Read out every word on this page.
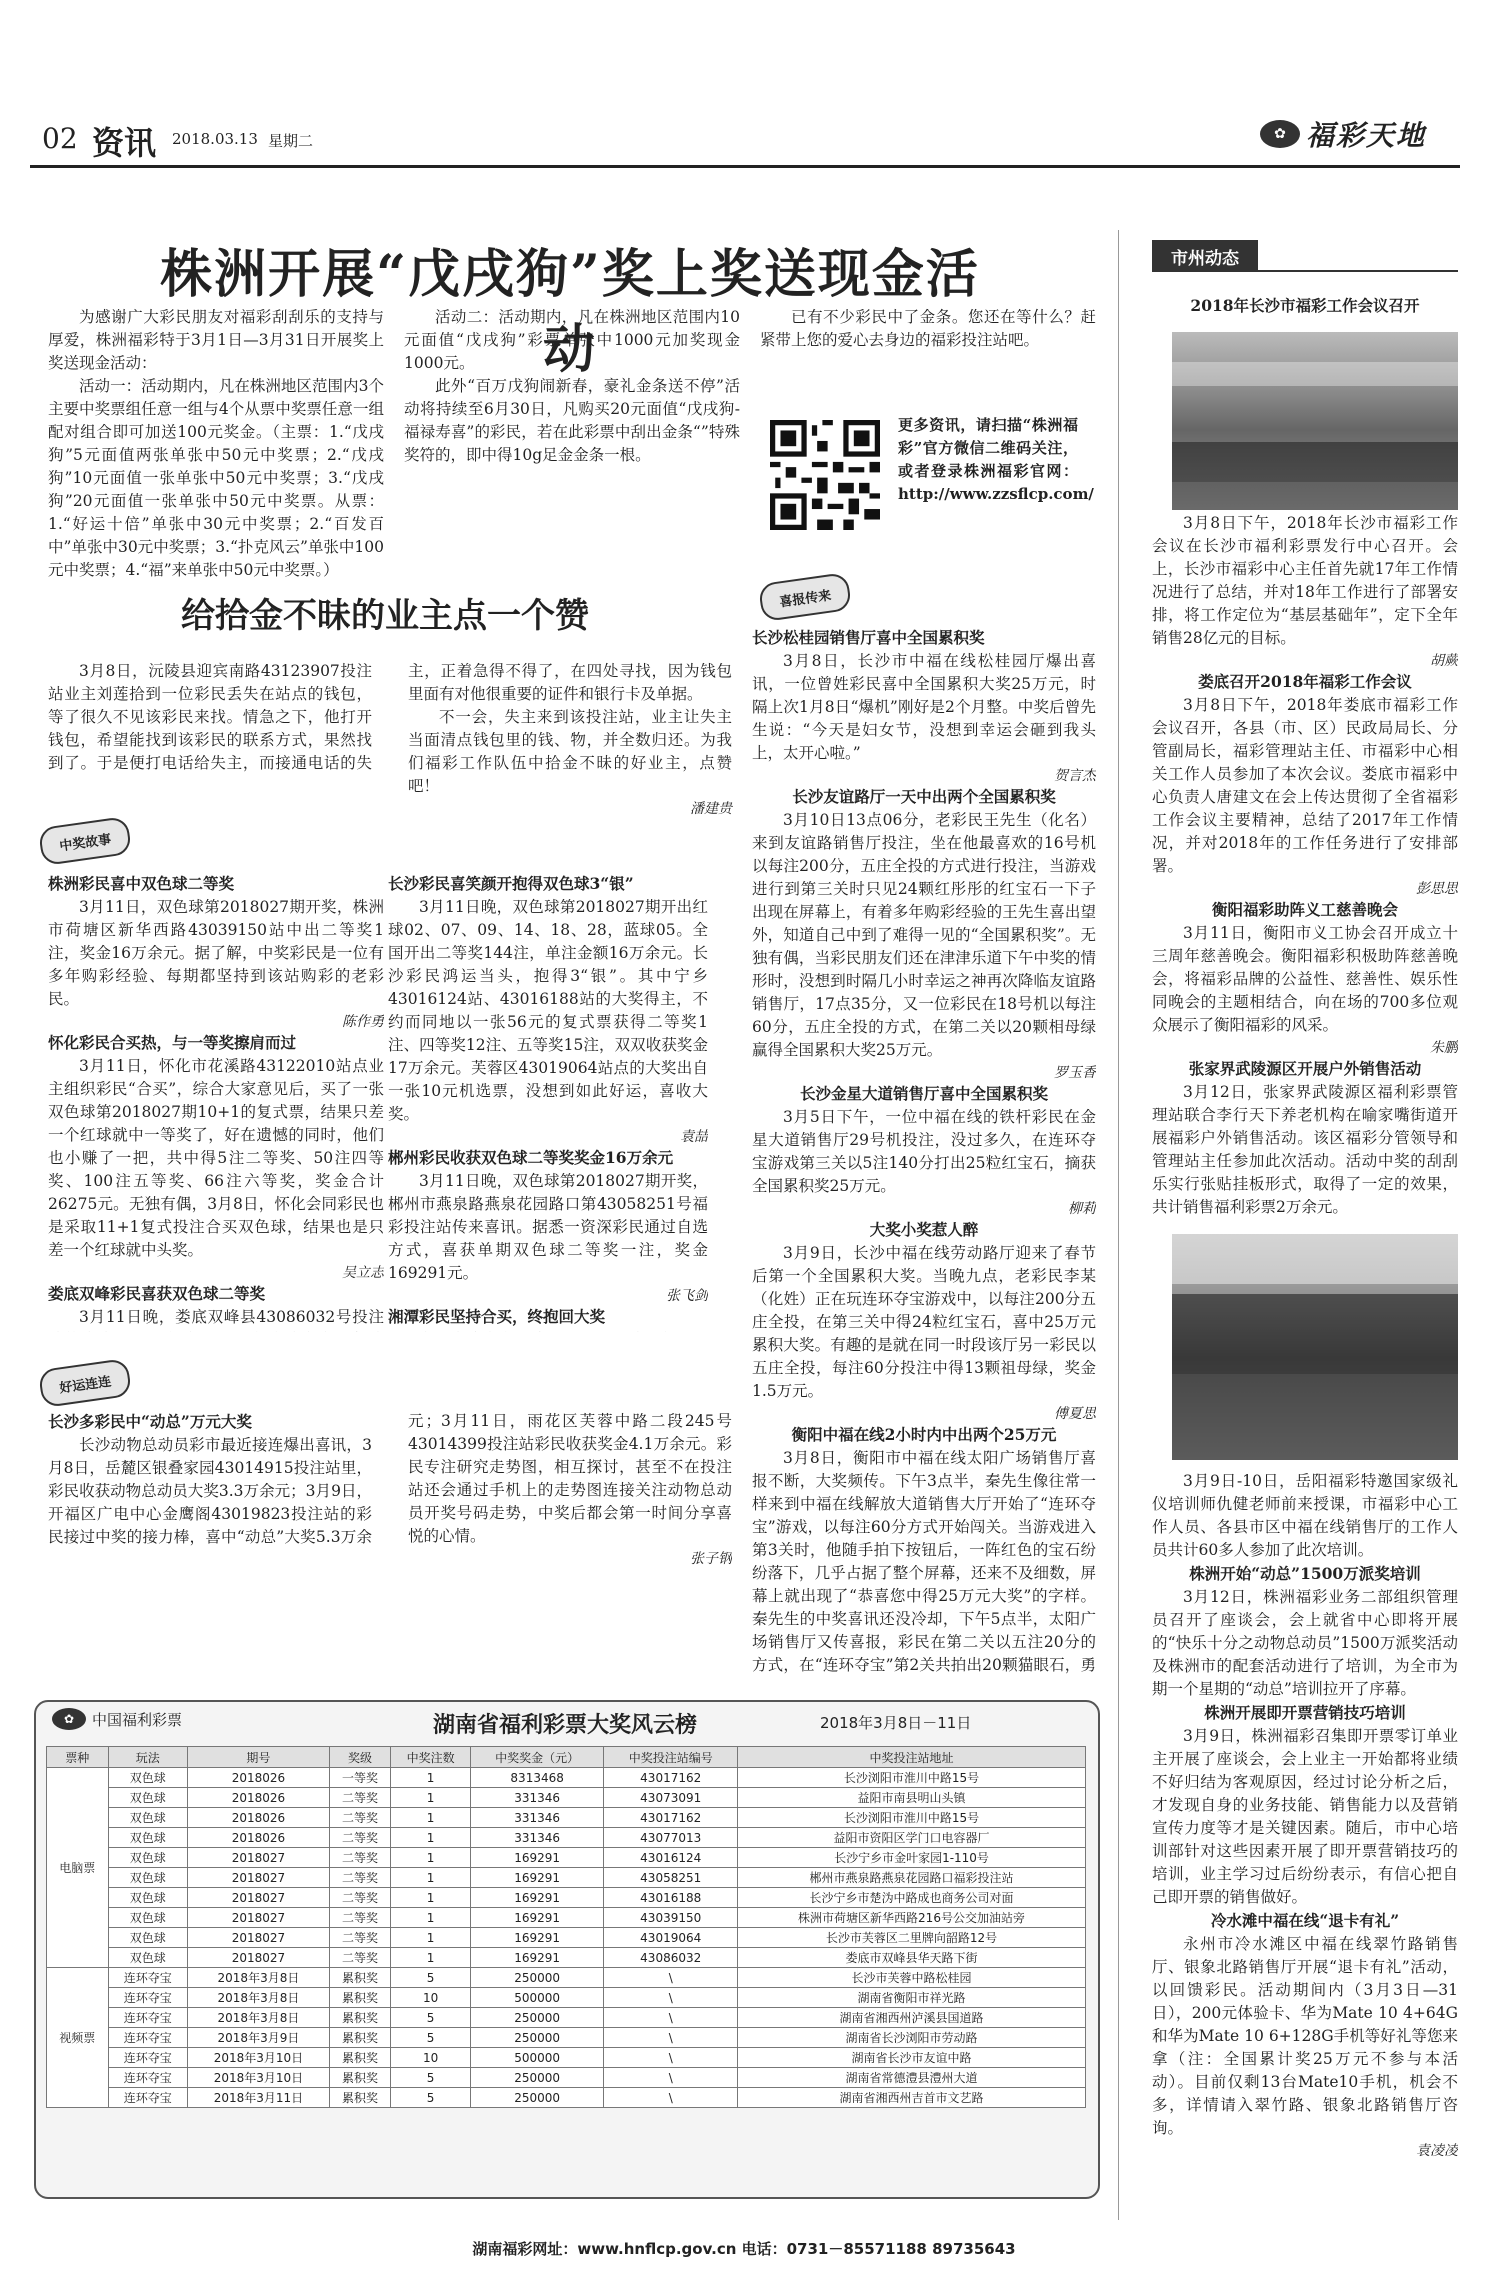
02 资讯 2018.03.13 星期二	✿ 福彩天地
株洲开展“戊戌狗”奖上奖送现金活动
为感谢广大彩民朋友对福彩刮刮乐的支持与厚爱，株洲福彩特于3月1日—3月31日开展奖上奖送现金活动：
活动一：活动期内，凡在株洲地区范围内3个主要中奖票组任意一组与4个从票中奖票任意一组配对组合即可加送100元奖金。（主票：1.“戊戌狗”5元面值两张单张中50元中奖票；2.“戊戌狗”10元面值一张单张中50元中奖票；3.“戊戌狗”20元面值一张单张中50元中奖票。从票：1.“好运十倍”单张中30元中奖票；2.“百发百中”单张中30元中奖票；3.“扑克风云”单张中100元中奖票；4.“福”来单张中50元中奖票。）
活动二：活动期内，凡在株洲地区范围内10元面值“戊戌狗”彩票单张中1000元加奖现金1000元。
此外“百万戊狗闹新春，豪礼金条送不停”活动将持续至6月30日，凡购买20元面值“戊戌狗-福禄寿喜”的彩民，若在此彩票中刮出金条“”特殊奖符的，即中得10g足金金条一根。
已有不少彩民中了金条。您还在等什么？赶紧带上您的爱心去身边的福彩投注站吧。
更多资讯，请扫描“株洲福彩”官方微信二维码关注，或者登录株洲福彩官网：http://www.zzsflcp.com/
给拾金不昧的业主点一个赞
3月8日，沅陵县迎宾南路43123907投注站业主刘莲拾到一位彩民丢失在站点的钱包，等了很久不见该彩民来找。情急之下，他打开钱包，希望能找到该彩民的联系方式，果然找到了。于是便打电话给失主，而接通电话的失主，正着急得不得了，在四处寻找，因为钱包里面有对他很重要的证件和银行卡及单据。
不一会，失主来到该投注站，业主让失主当面清点钱包里的钱、物，并全数归还。为我们福彩工作队伍中拾金不昧的好业主，点赞吧！
潘建贵
喜报传来
中奖故事
好运连连
株洲彩民喜中双色球二等奖
3月11日，双色球第2018027期开奖，株洲市荷塘区新华西路43039150站中出二等奖1注，奖金16万余元。据了解，中奖彩民是一位有多年购彩经验、每期都坚持到该站购彩的老彩民。
陈作勇
怀化彩民合买热，与一等奖擦肩而过
3月11日，怀化市花溪路43122010站点业主组织彩民“合买”，综合大家意见后，买了一张双色球第2018027期10+1的复式票，结果只差一个红球就中一等奖了，好在遗憾的同时，他们也小赚了一把，共中得5注二等奖、50注四等奖、100注五等奖、66注六等奖，奖金合计26275元。无独有偶，3月8日，怀化会同彩民也是采取11+1复式投注合买双色球，结果也是只差一个红球就中头奖。
吴立志
娄底双峰彩民喜获双色球二等奖
3月11日晚，娄底双峰县43086032号投注
长沙彩民喜笑颜开抱得双色球3“银”
3月11日晚，双色球第2018027期开出红球02、07、09、14、18、28，蓝球05。全国开出二等奖144注，单注金额16万余元。长沙彩民鸿运当头，抱得3“银”。其中宁乡43016124站、43016188站的大奖得主，不约而同地以一张56元的复式票获得二等奖1注、四等奖12注、五等奖15注，双双收获奖金17万余元。芙蓉区43019064站点的大奖出自一张10元机选票，没想到如此好运，喜收大奖。
袁喆
郴州彩民收获双色球二等奖奖金16万余元
3月11日晚，双色球第2018027期开奖，郴州市燕泉路燕泉花园路口第43058251号福彩投注站传来喜讯。据悉一资深彩民通过自选方式，喜获单期双色球二等奖一注，奖金169291元。
张飞剑
湘潭彩民坚持合买，终抱回大奖
长沙多彩民中“动总”万元大奖
长沙动物总动员彩市最近接连爆出喜讯，3月8日，岳麓区银叠家园43014915投注站里，彩民收获动物总动员大奖3.3万余元；3月9日，开福区广电中心金鹰阁43019823投注站的彩民接过中奖的接力棒，喜中“动总”大奖5.3万余元；3月11日，雨花区芙蓉中路二段245号43014399投注站彩民收获奖金4.1万余元。彩民专注研究走势图，相互探讨，甚至不在投注站还会通过手机上的走势图连接关注动物总动员开奖号码走势，中奖后都会第一时间分享喜悦的心情。
张子钢
长沙松桂园销售厅喜中全国累积奖
3月8日，长沙市中福在线松桂园厅爆出喜讯，一位曾姓彩民喜中全国累积大奖25万元，时隔上次1月8日“爆机”刚好是2个月整。中奖后曾先生说：“今天是妇女节，没想到幸运会砸到我头上，太开心啦。”
贺言杰
长沙友谊路厅一天中出两个全国累积奖
3月10日13点06分，老彩民王先生（化名）来到友谊路销售厅投注，坐在他最喜欢的16号机以每注200分，五庄全投的方式进行投注，当游戏进行到第三关时只见24颗红彤彤的红宝石一下子出现在屏幕上，有着多年购彩经验的王先生喜出望外，知道自己中到了难得一见的“全国累积奖”。无独有偶，当彩民朋友们还在津津乐道下午中奖的情形时，没想到时隔几小时幸运之神再次降临友谊路销售厅，17点35分，又一位彩民在18号机以每注60分，五庄全投的方式，在第二关以20颗相母绿赢得全国累积大奖25万元。
罗玉香
长沙金星大道销售厅喜中全国累积奖
3月5日下午，一位中福在线的铁杆彩民在金星大道销售厅29号机投注，没过多久，在连环夺宝游戏第三关以5注140分打出25粒红宝石，摘获全国累积奖25万元。
柳莉
大奖小奖惹人醉
3月9日，长沙中福在线劳动路厅迎来了春节后第一个全国累积大奖。当晚九点，老彩民李某（化姓）正在玩连环夺宝游戏中，以每注200分五庄全投，在第三关中得24粒红宝石，喜中25万元累积大奖。有趣的是就在同一时段该厅另一彩民以五庄全投，每注60分投注中得13颗祖母绿，奖金1.5万元。
傅夏思
衡阳中福在线2小时内中出两个25万元
3月8日，衡阳市中福在线太阳广场销售厅喜报不断，大奖频传。下午3点半，秦先生像往常一样来到中福在线解放大道销售大厅开始了“连环夺宝”游戏，以每注60分方式开始闯关。当游戏进入第3关时，他随手拍下按钮后，一阵红色的宝石纷纷落下，几乎占据了整个屏幕，还来不及细数，屏幕上就出现了“恭喜您中得25万元大奖”的字样。秦先生的中奖喜讯还没冷却，下午5点半，太阳广场销售厅又传喜报，彩民在第二关以五注20分的方式，在“连环夺宝”第2关共拍出20颗猫眼石，勇
市州动态
2018年长沙市福彩工作会议召开
3月8日下午，2018年长沙市福彩工作会议在长沙市福利彩票发行中心召开。会上，长沙市福彩中心主任首先就17年工作情况进行了总结，并对18年工作进行了部署安排，将工作定位为“基层基础年”，定下全年销售28亿元的目标。
胡蕨
娄底召开2018年福彩工作会议
3月8日下午，2018年娄底市福彩工作会议召开，各县（市、区）民政局局长、分管副局长，福彩管理站主任、市福彩中心相关工作人员参加了本次会议。娄底市福彩中心负责人唐建文在会上传达贯彻了全省福彩工作会议主要精神，总结了2017年工作情况，并对2018年的工作任务进行了安排部署。
彭思思
衡阳福彩助阵义工慈善晚会
3月11日，衡阳市义工协会召开成立十三周年慈善晚会。衡阳福彩积极助阵慈善晚会，将福彩品牌的公益性、慈善性、娱乐性同晚会的主题相结合，向在场的700多位观众展示了衡阳福彩的风采。
朱鹏
张家界武陵源区开展户外销售活动
3月12日，张家界武陵源区福利彩票管理站联合李行天下养老机构在喻家嘴街道开展福彩户外销售活动。该区福彩分管领导和管理站主任参加此次活动。活动中奖的刮刮乐实行张贴挂板形式，取得了一定的效果，共计销售福利彩票2万余元。
3月9日-10日，岳阳福彩特邀国家级礼仪培训师仇健老师前来授课，市福彩中心工作人员、各县市区中福在线销售厅的工作人员共计60多人参加了此次培训。
株洲开始“动总”1500万派奖培训
3月12日，株洲福彩业务二部组织管理员召开了座谈会，会上就省中心即将开展的“快乐十分之动物总动员”1500万派奖活动及株洲市的配套活动进行了培训，为全市为期一个星期的“动总”培训拉开了序幕。
株洲开展即开票营销技巧培训
3月9日，株洲福彩召集即开票零订单业主开展了座谈会，会上业主一开始都将业绩不好归结为客观原因，经过讨论分析之后，才发现自身的业务技能、销售能力以及营销宣传力度等才是关键因素。随后，市中心培训部针对这些因素开展了即开票营销技巧的培训，业主学习过后纷纷表示，有信心把自己即开票的销售做好。
冷水滩中福在线“退卡有礼”
永州市冷水滩区中福在线翠竹路销售厅、银象北路销售厅开展“退卡有礼”活动，以回馈彩民。活动期间内（3月3日—31日），200元体验卡、华为Mate 10 4+64G和华为Mate 10 6+128G手机等好礼等您来拿（注：全国累计奖25万元不参与本活动）。目前仅剩13台Mate10手机，机会不多，详情请入翠竹路、银象北路销售厅咨询。
袁凌凌
✿	中国福利彩票	湖南省福利彩票大奖风云榜	2018年3月8日－11日
票种	玩法	期号	奖级	中奖注数	中奖奖金（元）	中奖投注站编号	中奖投注站地址
电脑票	双色球	2018026	一等奖	1	8313468	43017162	长沙浏阳市淮川中路15号
	双色球	2018026	二等奖	1	331346	43073091	益阳市南县明山头镇
	双色球	2018026	二等奖	1	331346	43017162	长沙浏阳市淮川中路15号
	双色球	2018026	二等奖	1	331346	43077013	益阳市资阳区学门口电容器厂
	双色球	2018027	二等奖	1	169291	43016124	长沙宁乡市金叶家园1-110号
	双色球	2018027	二等奖	1	169291	43058251	郴州市燕泉路燕泉花园路口福彩投注站
	双色球	2018027	二等奖	1	169291	43016188	长沙宁乡市楚沩中路成也商务公司对面
	双色球	2018027	二等奖	1	169291	43039150	株洲市荷塘区新华西路216号公交加油站旁
	双色球	2018027	二等奖	1	169291	43019064	长沙市芙蓉区二里牌向韶路12号
	双色球	2018027	二等奖	1	169291	43086032	娄底市双峰县华天路下街
视频票	连环夺宝	2018年3月8日	累积奖	5	250000	\	长沙市芙蓉中路松桂园
	连环夺宝	2018年3月8日	累积奖	10	500000	\	湖南省衡阳市祥光路
	连环夺宝	2018年3月8日	累积奖	5	250000	\	湖南省湘西州泸溪县国道路
	连环夺宝	2018年3月9日	累积奖	5	250000	\	湖南省长沙浏阳市劳动路
	连环夺宝	2018年3月10日	累积奖	10	500000	\	湖南省长沙市友谊中路
	连环夺宝	2018年3月10日	累积奖	5	250000	\	湖南省常德澧县澧州大道
	连环夺宝	2018年3月11日	累积奖	5	250000	\	湖南省湘西州吉首市文艺路
湖南福彩网址：www.hnflcp.gov.cn 电话：0731－85571188 89735643
